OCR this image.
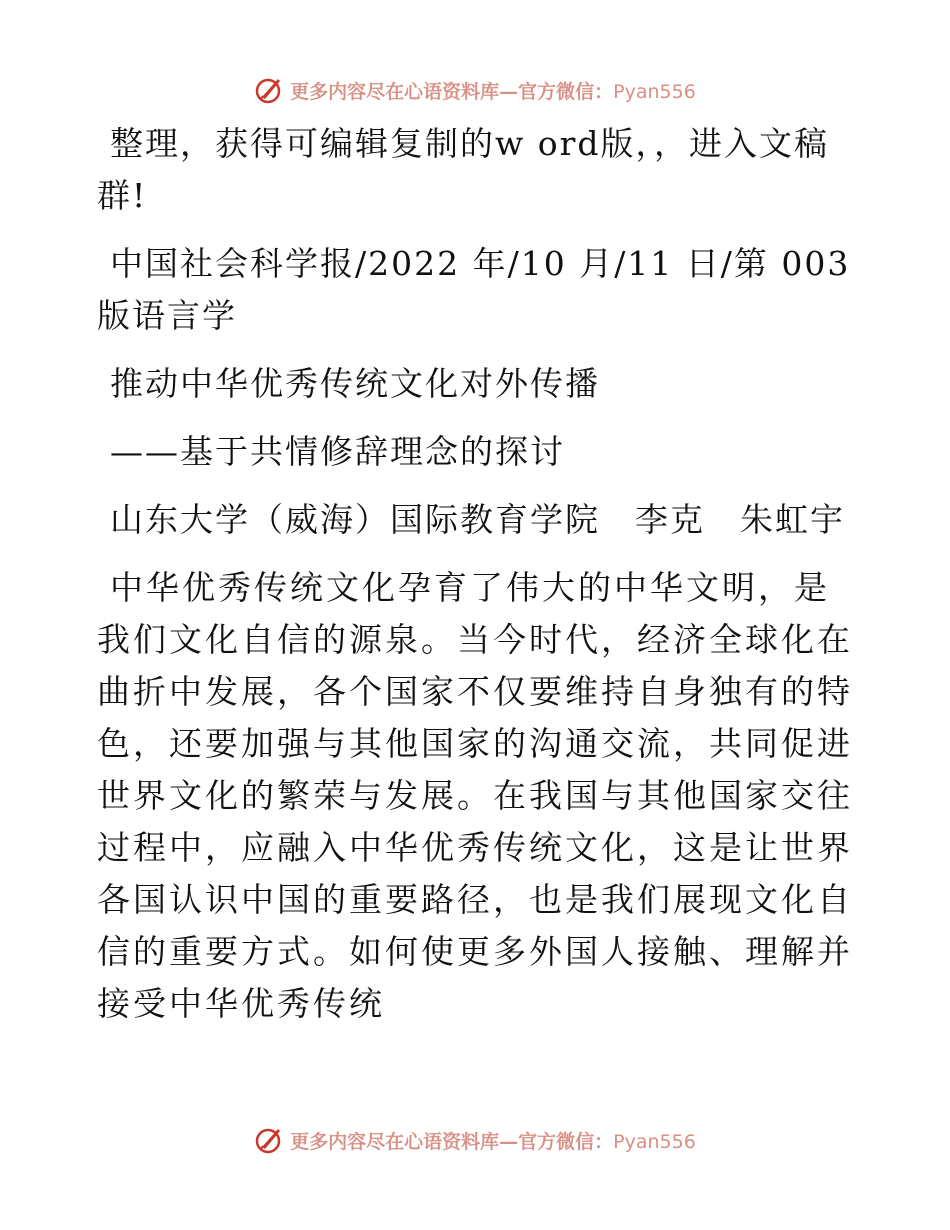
更多内容尽在心语资料库—官方微信：Pyan556

整理，获得可编辑复制的w ord版，，进入文稿群!

中国社会科学报/2022 年/10 月/11 日/第 003 版语言学

推动中华优秀传统文化对外传播

——基于共情修辞理念的探讨

山东大学（威海）国际教育学院　李克　朱虹宇

中华优秀传统文化孕育了伟大的中华文明，是我们文化自信的源泉。当今时代，经济全球化在曲折中发展，各个国家不仅要维持自身独有的特色，还要加强与其他国家的沟通交流，共同促进世界文化的繁荣与发展。在我国与其他国家交往过程中，应融入中华优秀传统文化，这是让世界各国认识中国的重要路径，也是我们展现文化自信的重要方式。如何使更多外国人接触、理解并接受中华优秀传统

更多内容尽在心语资料库—官方微信：Pyan556
